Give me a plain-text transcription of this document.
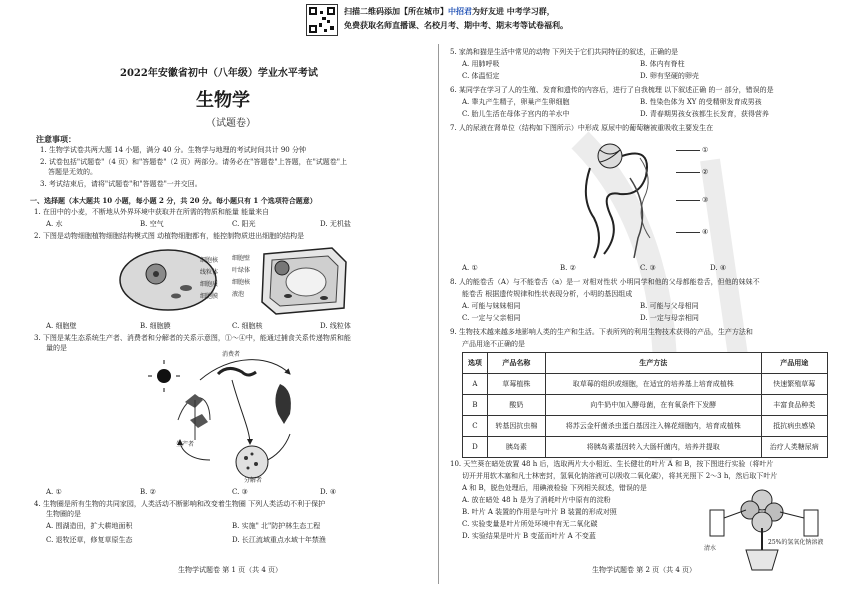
扫描二维码添加【所在城市】中招君为好友进 中考学习群，
免费获取名师直播课、名校月考、期中考、期末考等试卷福利。
2022年安徽省初中（八年级）学业水平考试
生物学
（试题卷）
注意事项：
1. 生物学试卷共两大题 14 小题，满分 40 分。生物学与地理的考试时间共计 90 分钟
2. 试卷包括"试题卷"（4 页）和"答题卷"（2 页）两部分。请务必在"答题卷"上答题，在"试题卷"上
答题是无效的。
3. 考试结束后，请将"试题卷"和"答题卷"一并交回。
一、选择题（本大题共 10 小题，每小题 2 分，共 20 分。每小题只有 1 个选项符合题意）
1. 在田中的小麦，不断地从外界环境中获取并在所需的物质和能量 能量来自
A. 水	B. 空气	C. 阳光	D. 无机盐
2. 下图是动物细胞植物细胞结构模式图 动植物细胞都有，能控制物质进出细胞的结构是
细胞核
线粒体
细胞质
细胞膜
细胞壁
叶绿体
细胞核
液泡
A. 细胞壁	B. 细胞膜	C. 细胞核	D. 线粒体
3. 下图是某生态系统生产者、消费者和分解者的关系示意图，①～④中，能通过捕食关系传递物质和能
量的是
消费者
生产者
分解者
A. ①	B. ②	C. ③	D. ④
4. 生物圈是所有生物的共同家园，人类活动不断影响和改变着生物圈 下列人类活动不利于保护
生物圈的是
A. 围湖造田，扩大耕地面积	B. 实施" 北"防护林生态工程
C. 退牧还草，修复草原生态	D. 长江流域重点水域十年禁渔
生物学试题卷 第 1 页（共 4 页）
5. 家鸽和猫是生活中常见的动物 下列关于它们共同特征的叙述，正确的是
A. 用肺呼吸	B. 体内有脊柱
C. 体温恒定	D. 卵有坚硬的卵壳
6. 某同学在学习了人的生殖、发育和遗传的内容后，进行了自我梳理 以下叙述正确 的一 部分，错误的是
A. 睾丸产生精子，卵巢产生卵细胞	B. 性染色体为 XY 的受精卵发育成男孩
C. 胎儿生活在母体子宫内的羊水中	D. 青春期男孩女孩都生长发育，获得营养
7. 人的尿液在肾单位（结构如下图所示）中形成 原尿中的葡萄糖被重吸收主要发生在
①
②
③
④
A. ①	B. ②	C. ③	D. ④
8. 人的能卷舌（A）与不能卷舌（a）是一 对相对性状 小明同学和他的父母都能卷舌，但他的妹妹不
能卷舌 根据遗传规律和性状表现分析，小明的基因组成
A. 可能与妹妹相同	B. 可能与父母相同
C. 一定与父亲相同	D. 一定与母亲相同
9. 生物技术越来越多地影响人类的生产和生活。下表所列的利用生物技术获得的产品，生产方法和
产品用途不正确的是
选项	产品名称	生产方法	产品用途
A	草莓植株	取草莓的组织或细胞，在适宜的培养基上培育成植株	快速繁殖草莓
B	酸奶	向牛奶中加入酵母菌，在有氧条件下发酵	丰富食品种类
C	转基因抗虫棉	将苏云金杆菌杀虫蛋白基因注入棉花细胞内，培育成植株	抵抗病虫感染
D	胰岛素	将胰岛素基因转入大肠杆菌内，培养并提取	治疗人类糖尿病
10. 天竺葵在暗处放置 48 h 后，选取两片大小相近、生长健壮的叶片 A 和 B，按下图进行实验（将叶片
切开并用软木塞和凡士林密封，氢氧化钠溶液可以吸收二氧化碳），将其光照下 2～3 h，然后取下叶片
A 和 B，脱色处理后，用碘液检验 下列相关叙述，错误的是
A. 放在暗处 48 h 是为了消耗叶片中原有的淀粉
B. 叶片 A 装置的作用是与叶片 B 装置的形成对照
C. 实验变量是叶片所处环境中有无二氧化碳
D. 实验结果是叶片 B 变蓝而叶片 A 不变蓝
清水
25%的氢氧化钠溶液
生物学试题卷 第 2 页（共 4 页）
